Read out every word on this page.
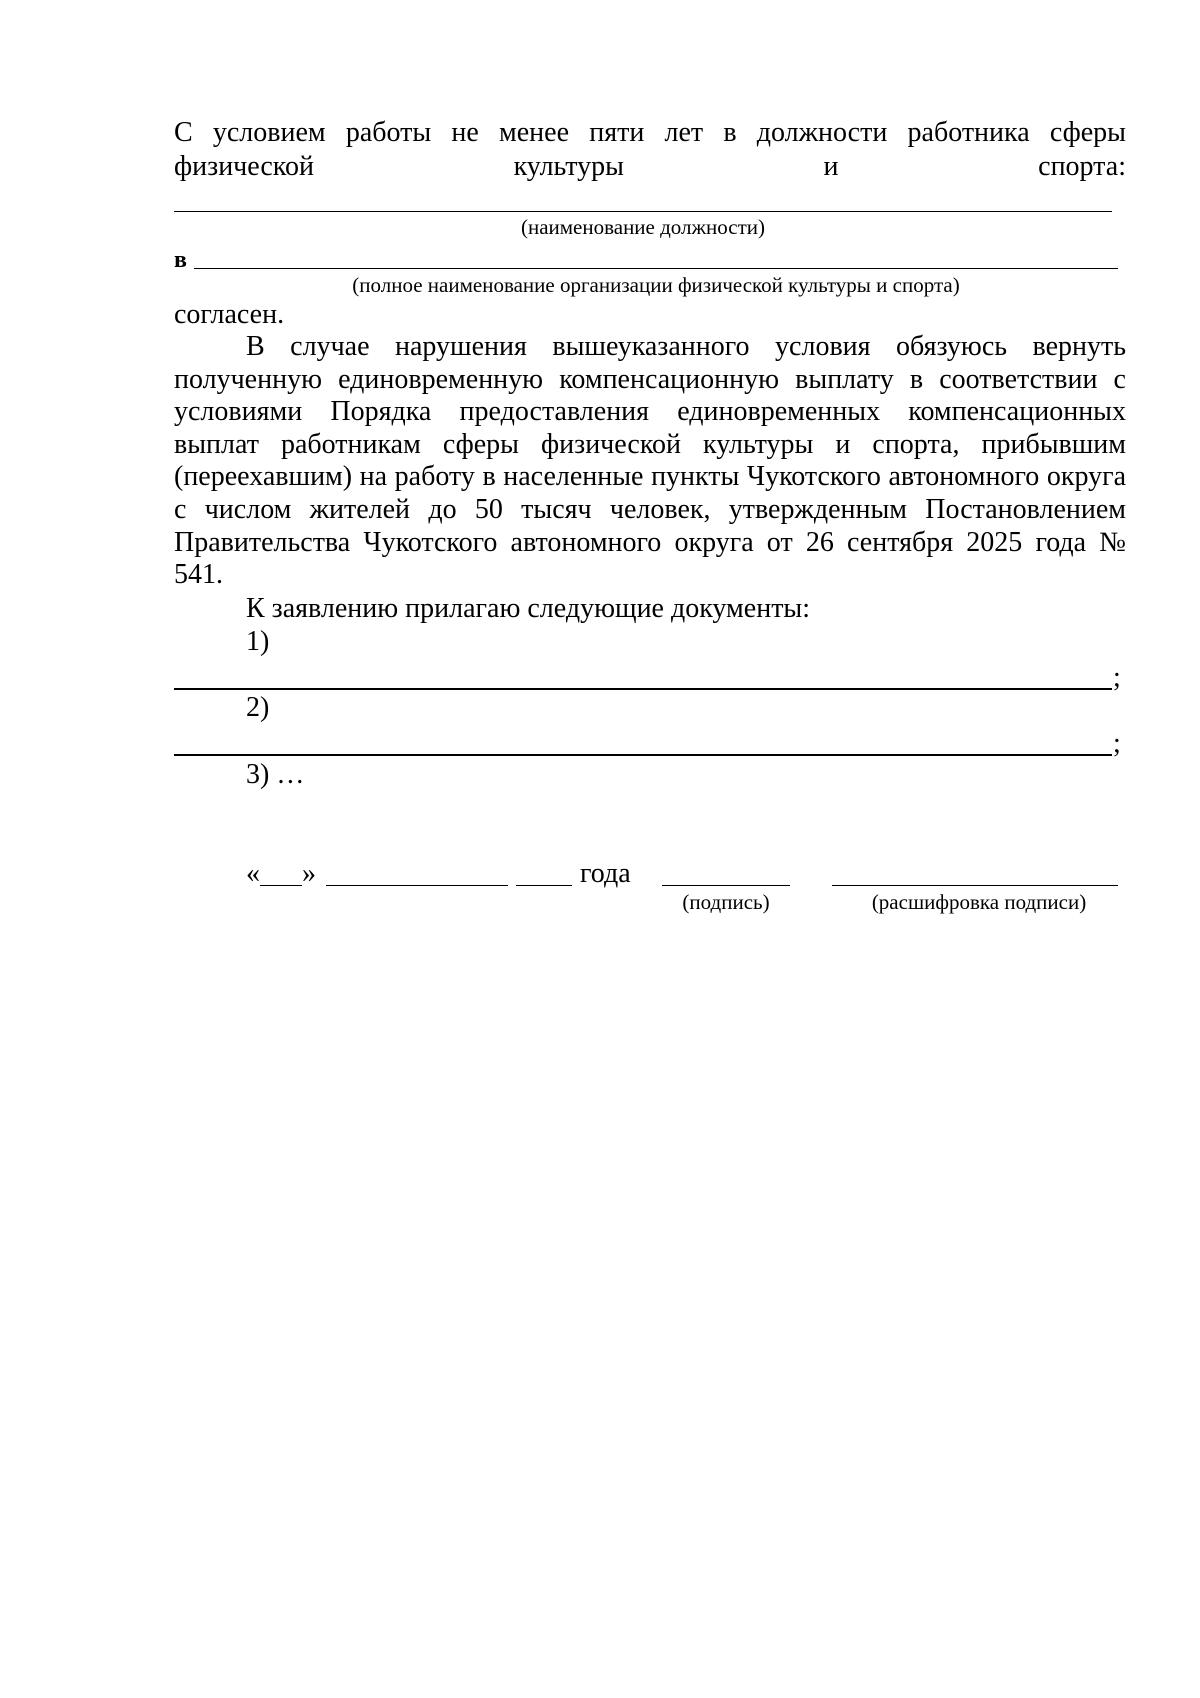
С условием работы не менее пяти лет в должности работника сферы
физической	культуры	и	спорта:
(наименование должности)
в
(полное наименование организации физической культуры и спорта)
согласен.
В случае нарушения вышеуказанного условия обязуюсь вернуть полученную единовременную компенсационную выплату в соответствии с условиями Порядка предоставления единовременных компенсационных выплат работникам сферы физической культуры и спорта, прибывшим (переехавшим) на работу в населенные пункты Чукотского автономного округа с числом жителей до 50 тысяч человек, утвержденным Постановлением Правительства Чукотского автономного округа от 26 сентября 2025 года № 541.
К заявлению прилагаю следующие документы:
1)
;
2)
;
3) …
« »	года
(подпись)	(расшифровка подписи)
